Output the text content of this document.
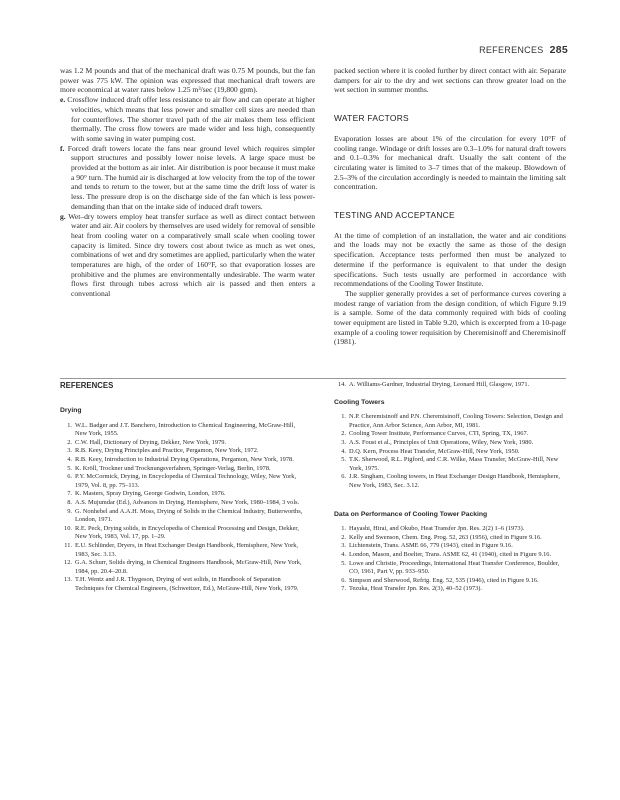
REFERENCES 285

was 1.2 M pounds and that of the mechanical draft was 0.75 M pounds, but the fan power was 775 kW. The opinion was expressed that mechanical draft towers are more economical at water rates below 1.25 m³/sec (19,800 gpm).

e. Crossflow induced draft offer less resistance to air flow and can operate at higher velocities, which means that less power and smaller cell sizes are needed than for counterflows. The shorter travel path of the air makes them less efficient thermally. The cross flow towers are made wider and less high, consequently with some saving in water pumping cost.

f. Forced draft towers locate the fans near ground level which requires simpler support structures and possibly lower noise levels. A large space must be provided at the bottom as air inlet. Air distribution is poor because it must make a 90° turn. The humid air is discharged at low velocity from the top of the tower and tends to return to the tower, but at the same time the drift loss of water is less. The pressure drop is on the discharge side of the fan which is less power-demanding than that on the intake side of induced draft towers.

g. Wet–dry towers employ heat transfer surface as well as direct contact between water and air. Air coolers by themselves are used widely for removal of sensible heat from cooling water on a comparatively small scale when cooling tower capacity is limited. Since dry towers cost about twice as much as wet ones, combinations of wet and dry sometimes are applied, particularly when the water temperatures are high, of the order of 160°F, so that evaporation losses are prohibitive and the plumes are environmentally undesirable. The warm water flows first through tubes across which air is passed and then enters a conventional

packed section where it is cooled further by direct contact with air. Separate dampers for air to the dry and wet sections can throw greater load on the wet section in summer months.

WATER FACTORS

Evaporation losses are about 1% of the circulation for every 10°F of cooling range. Windage or drift losses are 0.3–1.0% for natural draft towers and 0.1–0.3% for mechanical draft. Usually the salt content of the circulating water is limited to 3–7 times that of the makeup. Blowdown of 2.5–3% of the circulation accordingly is needed to maintain the limiting salt concentration.

TESTING AND ACCEPTANCE

At the time of completion of an installation, the water and air conditions and the loads may not be exactly the same as those of the design specification. Acceptance tests performed then must be analyzed to determine if the performance is equivalent to that under the design specifications. Such tests usually are performed in accordance with recommendations of the Cooling Tower Institute.

The supplier generally provides a set of performance curves covering a modest range of variation from the design condition, of which Figure 9.19 is a sample. Some of the data commonly required with bids of cooling tower equipment are listed in Table 9.20, which is excerpted from a 10-page example of a cooling tower requisition by Cheremisinoff and Cheremisinoff (1981).

REFERENCES

Drying

1. W.L. Badger and J.T. Banchero, Introduction to Chemical Engineering, McGraw-Hill, New York, 1955.
2. C.W. Hall, Dictionary of Drying, Dekker, New York, 1979.
3. R.B. Keey, Drying Principles and Practice, Pergamon, New York, 1972.
4. R.B. Keey, Introduction to Industrial Drying Operations, Pergamon, New York, 1978.
5. K. Kröll, Trockner und Trocknungsverfahren, Springer-Verlag, Berlin, 1978.
6. P.Y. McCormick, Drying, in Encyclopedia of Chemical Technology, Wiley, New York, 1979, Vol. 8, pp. 75–113.
7. K. Masters, Spray Drying, George Godwin, London, 1976.
8. A.S. Mujumdar (Ed.), Advances in Drying, Hemisphere, New York, 1980–1984, 3 vols.
9. G. Nonhebel and A.A.H. Moss, Drying of Solids in the Chemical Industry, Butterworths, London, 1971.
10. R.E. Peck, Drying solids, in Encyclopedia of Chemical Processing and Design, Dekker, New York, 1983, Vol. 17, pp. 1–29.
11. E.U. Schlünder, Dryers, in Heat Exchanger Design Handbook, Hemisphere, New York, 1983, Sec. 3.13.
12. G.A. Schurr, Solids drying, in Chemical Engineers Handbook, McGraw-Hill, New York, 1984, pp. 20.4–20.8.
13. T.H. Wentz and J.R. Thygeson, Drying of wet solids, in Handbook of Separation Techniques for Chemical Engineers, (Schweitzer, Ed.), McGraw-Hill, New York, 1979.
14. A. Williams-Gardner, Industrial Drying, Leonard Hill, Glasgow, 1971.

Cooling Towers

1. N.P. Cheremisinoff and P.N. Cheremisinoff, Cooling Towers: Selection, Design and Practice, Ann Arbor Science, Ann Arbor, MI, 1981.
2. Cooling Tower Institute, Performance Curves, CTI, Spring, TX, 1967.
3. A.S. Foust et al., Principles of Unit Operations, Wiley, New York, 1980.
4. D.Q. Kern, Process Heat Transfer, McGraw-Hill, New York, 1950.
5. T.K. Sherwood, R.L. Pigford, and C.R. Wilke, Mass Transfer, McGraw-Hill, New York, 1975.
6. J.R. Singham, Cooling towers, in Heat Exchanger Design Handbook, Hemisphere, New York, 1983, Sec. 3.12.

Data on Performance of Cooling Tower Packing

1. Hayashi, Hirai, and Okubo, Heat Transfer Jpn. Res. 2(2) 1–6 (1973).
2. Kelly and Swenson, Chem. Eng. Prog. 52, 263 (1956), cited in Figure 9.16.
3. Lichtenstein, Trans. ASME 66, 779 (1943), cited in Figure 9.16.
4. London, Mason, and Boelter, Trans. ASME 62, 41 (1940), cited in Figure 9.16.
5. Lowe and Christie, Proceedings, International Heat Transfer Conference, Boulder, CO, 1961, Part V, pp. 933–950.
6. Simpson and Sherwood, Refrig. Eng. 52, 535 (1946), cited in Figure 9.16.
7. Tezuka, Heat Transfer Jpn. Res. 2(3), 40–52 (1973).
